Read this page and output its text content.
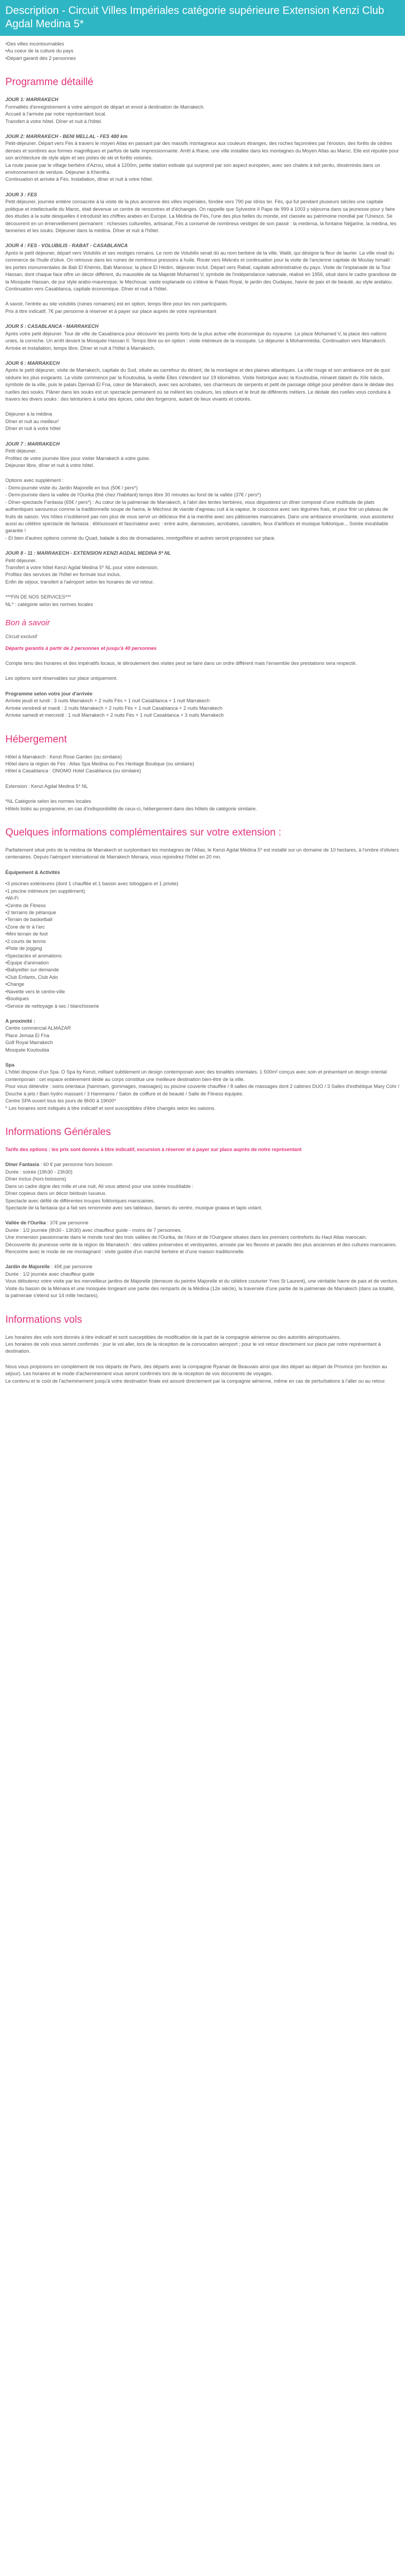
Description - Circuit Villes Impériales catégorie supérieure Extension Kenzi Club Agdal Medina 5*
• Des villes incontournables
• Au coeur de la culture du pays
• Départ garanti dès 2 personnes
Programme détaillé

JOUR 1: MARRAKECH

Formalités d'enregistrement à votre aéroport de départ et envol à destination de Marrakech.

Accueil à l'arrivée par notre représentant local.

Transfert à votre hôtel. Dîner et nuit à l'hôtel.

JOUR 2: MARRAKECH - BENI MELLAL - FES 480 km

Petit-déjeuner. Départ vers Fès à travers le moyen Atlas en passant par des massifs montagneux aux couleurs étranges, des roches façonnées par l'érosion, des forêts de cèdres denses et sombres aux formes magnifiques et parfois de taille impressionnante. Arrêt à Ifrane, une ville installée dans les montagnes du Moyen Atlas au Maroc. Elle est réputée pour son architecture de style alpin et ses pistes de ski et forêts voisines.

La route passe par le village berbère d'Azrou, situé à 1200m, petite station estivale qui surprend par son aspect européen, avec ses chalets à toit pentu, disséminés dans un environnement de verdure. Déjeuner à Khenifra.

Continuation et arrivée à Fès. Installation, dîner et nuit à votre hôtel.

JOUR 3 : FES

Petit déjeuner, journée entière consacrée à la visite de la plus ancienne des villes impériales, fondée vers 790 par Idriss Ier. Fès, qui fut pendant plusieurs siècles une capitale politique et intellectuelle du Maroc, était devenue un centre de rencontres et d'échanges. On rappelle que Sylvestre II Pape de 999 à 1003 y séjourna dans sa jeunesse pour y faire des études à la suite desquelles il introduisit les chiffres arabes en Europe. La Médina de Fès, l'une des plus belles du monde, est classée au patrimoine mondial par l'Unesco. Se découvrent en un émerveillement permanent : richesses culturelles, artisanat, Fès a conservé de nombreux vestiges de son passé : la medersa, la fontaine Néjjarine, la médina, les tanneries et les souks. Déjeuner dans la médina. Dîner et nuit à l'hôtel.

JOUR 4 : FES - VOLUBILIS - RABAT - CASABLANCA

Après le petit déjeuner, départ vers Volubilis et ses vestiges romains. Le nom de Volubilis serait dû au nom berbère de la ville, Walili, qui désigne la fleur de laurier. La ville vivait du commerce de l'huile d'olive. On retrouve dans les ruines de nombreux pressoirs à huile. Route vers Meknès et continuation pour la visite de l'ancienne capitale de Moulay Ismaël : les portes monumentales de Bab El Khémis, Bab Mansour, la place El Hédim, déjeuner inclut. Départ vers Rabat, capitale administrative du pays. Visite de l'esplanade de la Tour Hassan, dont chaque face offre un décor différent, du mausolée de sa Majesté Mohamed V, symbole de l'indépendance nationale, réalisé en 1956, situé dans le cadre grandiose de la Mosquée Hassan, de pur style arabo-mauresque, le Mechouar, vaste esplanade où s'élève le Palais Royal, le jardin des Oudayas, havre de paix et de beauté, au style andalou. Continuation vers Casablanca, capitale économique. Dîner et nuit à l'hôtel.

A savoir, l'entrée au site volubilis (ruines romaines) est en option, temps libre pour les non participants.

Prix à titre indicatif, 7€ par personne à réserver et à payer sur place auprès de votre représentant

JOUR 5 : CASABLANCA - MARRAKECH

Après votre petit déjeuner. Tour de ville de Casablanca pour découvrir les points forts de la plus active ville économique du royaume. La place Mohamed V, la place des nations unies, la corniche. Un arrêt devant la Mosquée Hassan II. Temps libre ou en option : visite intérieure de la mosquée. Le déjeuner à Mohammédia. Continuation vers Marrakech. Arrivée et installation, temps libre. Dîner et nuit à l'hôtel à Marrakech.

JOUR 6 : MARRAKECH

Après le petit déjeuner, visite de Marrakech, capitale du Sud, située au carrefour du désert, de la montagne et des plaines atlantiques. La ville rouge et son ambiance ont de quoi séduire les plus exigeants. La visite commence par la Koutoubia, la vieille Elles s'étendent sur 19 kilomètres. Visite historique avec la Koutoubia, minaret datant du XIIe siècle, symbole de la ville, puis le palais Djemaâ El Fna, cœur de Marrakech, avec ses acrobates, ses charmeurs de serpents et petit de passage obligé pour pénétrer dans le dédale des ruelles des souks. Flâner dans les souks est un spectacle permanent où se mêlent les couleurs, les odeurs et le bruit de différents métiers. Le dédale des ruelles vous conduira à travers les divers souks : des teinturiers à celui des épices, celui des forgerons, autant de lieux vivants et colorés.

Déjeuner à la médina

Dîner et nuit au meilleur!

Dîner et nuit à votre hôtel

JOUR 7 : MARRAKECH

Petit déjeuner.

Profitez de votre journée libre pour visiter Marrakech à votre guise.

Déjeuner libre, dîner et nuit à votre hôtel.

Options avec supplément :

- Demi-journée visite du Jardin Majorelle en bus (50€ / pers*)

- Demi-journée dans la vallée de l'Ourika (thé chez l'habitant) temps libre 30 minutes au fond de la vallée (37€ / pers*)

- Dîner-spectacle Fantasia (65€ / pers*) : Au cœur de la palmeraie de Marrakech, à l'abri des tentes berbères, vous dégusterez un dîner composé d'une multitude de plats authentiques savoureux comme la traditionnelle soupe de harira, le Méchoui de viande d'agneau cuit à la vapeur, le couscous avec ses légumes frais, et pour finir un plateau de fruits de saison. Vos hôtes n'oublieront pas non plus de vous servir un délicieux thé à la menthe avec ses pâtisseries marocaines. Dans une ambiance envoûtante, vous assisterez aussi au célèbre spectacle de fantasia : éblouissant et fascinateur avec : entre autre, danseuses, acrobates, cavaliers, feux d'artifices et musique folklorique... Soirée inoubliable garantie !

- Et bien d'autres options comme du Quad, balade à dos de dromadaires, montgolfière et autres seront proposées sur place.

JOUR 8 - 11 : MARRAKECH - EXTENSION KENZI AGDAL MEDINA 5* NL

Petit déjeuner.

Transfert à votre hôtel Kenzi Agdal Medina 5* NL pour votre extension.

Profitez des services de l'hôtel en formule tout inclus.

Enfin de séjour, transfert à l'aéroport selon les horaires de vol retour.

***FIN DE NOS SERVICES***

NL* : catégorie selon les normes locales

Bon à savoir

Circuit exclusif

Départs garantis à partir de 2 personnes et jusqu'à 40 personnes

Compte tenu des horaires et des impératifs locaux, le déroulement des visites peut se faire dans un ordre différent mais l'ensemble des prestations sera respecté.

Les options sont réservables sur place uniquement.

Programme selon votre jour d'arrivée

Arrivée jeudi et lundi : 3 nuits Marrakech + 2 nuits Fès + 1 nuit Casablanca + 1 nuit Marrakech

Arrivée vendredi et mardi : 2 nuits Marrakech + 2 nuits Fès + 1 nuit Casablanca + 2 nuits Marrakech

Arrivée samedi et mercredi : 1 nuit Marrakech + 2 nuits Fès + 1 nuit Casablanca + 3 nuits Marrakech

Hébergement

Hôtel à Marrakech : Kenzi Rose Garden (ou similaire)

Hôtel dans la région de Fès : Atlas Spa Medina ou Fes Heritage Boutique (ou similaire)

Hôtel à Casablanca : ONOMO Hotel Casablanca (ou similaire)

Extension : Kenzi Agdal Medina 5* NL

*NL Catégorie selon les normes locales

Hôtels listés au programme, en cas d'indisponibilité de ceux-ci, hébergement dans des hôtels de catégorie similaire.

Quelques informations complémentaires sur votre extension :

Parfaitement situé près de la médina de Marrakech et surplombant les montagnes de l'Atlas, le Kenzi Agdal Médina 5* est installé sur un domaine de 10 hectares, à l'ombre d'oliviers centenaires. Depuis l'aéroport international de Marrakech Menara, vous rejoindrez l'hôtel en 20 mn.

Équipement & Activités

• 3 piscines extérieures (dont 1 chauffée et 1 bassin avec toboggans et 1 privée)
• 1 piscine intérieure (en supplément)
• Wi-Fi
• Centre de Fitness
• 2 terrains de pétanque
• Terrain de basketball
• Zone de tir à l'arc
• Mini terrain de foot
• 2 courts de tennis
• Piste de jogging
• Spectacles et animations
• Équipe d'animation
• Babysitter sur demande
• Club Enfants, Club Ado
• Change
• Navette vers le centre-ville
• Boutiques
• Service de nettoyage à sec / blanchisserie

A proximité :

Centre commercial ALMAZAR

Place Jemaa El Fna

Golf Royal Marrakech

Mosquée Koutoubia

Spa

L'hôtel dispose d'un Spa. O Spa by Kenzi, milliant subtilement un design contemporain avec des tonalités orientales. 1 500m² conçus avec soin et présentant un design oriental contemporain : cet espace entièrement dédié au corps constitue une meilleure destination bien-être de la ville.

Pour vous détendre : soins orientaux (hammam, gommages, massages) ou piscine couverte chauffée / 8 salles de massages dont 2 cabines DUO / 3 Salles d'esthétique Mary Cohr / Douche à jets / Bain hydro massant / 3 Hammams / Salon de coiffure et de beauté / Salle de Fitness équipée.

Centre SPA ouvert tous les jours de 8h00 à 19h00*

* Les horaires sont indiqués à titre indicatif et sont susceptibles d'être changés selon les saisons.

Informations Générales

Tarifs des options : les prix sont donnés à titre indicatif, excursion à réserver et à payer sur place auprès de notre représentant

Dîner Fantasia : 60 € par personne hors boisson

Durée : soirée (19h30 - 23h30)

Dîner inclus (hors boissons)

Dans un cadre digne des mille et une nuit, Ali vous attend pour une soirée inoubliable :

Dîner copieux dans un décor bédouin luxueux.

Spectacle avec défilé de différentes troupes folkloriques marocaines.

Spectacle de la fantasia qui a fait ses renommée avec ses tableaux, danses du ventre, musique gnawa et tapis volant.

Vallée de l'Ourika : 37€ par personne

Durée : 1/2 journée (8h30 - 13h30) avec chauffeur guide - moins de 7 personnes.

Une immersion passionnante dans le monde rural des trois vallées de l'Ourika, de l'Asni et de l'Ouirgane situées dans les premiers contreforts du Haut Atlas marocain.

Découverte du jeunesse verte de la région de Marrakech : des vallées préservées et verdoyantes, arrosée par les fleuves et paradis des plus anciennes et des cultures marocaines.

Rencontre avec le mode de vie montagnard : visite guidée d'un marché berbère et d'une maison traditionnelle.

Jardin de Majorelle : 45€ par personne

Durée : 1/2 journée avec chauffeur guide

Vous débuterez votre visite par les merveilleux jardins de Majorelle (demeure du peintre Majorelle et du célèbre couturier Yves St Laurent), une véritable havre de paix et de verdure. Visite du bassin de la Ménara et une mosquée longeant une partie des remparts de la Médina (12e siècle), la traversée d'une partie de la palmeraie de Marrakech (dans sa totalité, la palmeraie s'étend sur 14 mille hectares).

Informations vols

Les horaires des vols sont donnés à titre indicatif et sont susceptibles de modification de la part de la compagnie aérienne ou des autorités aéroportuaires.

Les horaires de vols vous seront confirmés : jour le vol aller, lors de la réception de la convocation aéroport ; pour le vol retour directement sur place par notre représentant à destination.

Nous vous proposons en complément de nos départs de Paris, des départs avec la compagnie Ryanair de Beauvais ainsi que des départ au départ de Province (en fonction au séjour). Les horaires et le mode d'acheminement vous seront confirmés lors de la réception de vos documents de voyages.

Le contenu et le coût de l'acheminement jusqu'à votre destination finale est assuré directement par la compagnie aérienne, même en cas de perturbations à l'aller ou au retour.
